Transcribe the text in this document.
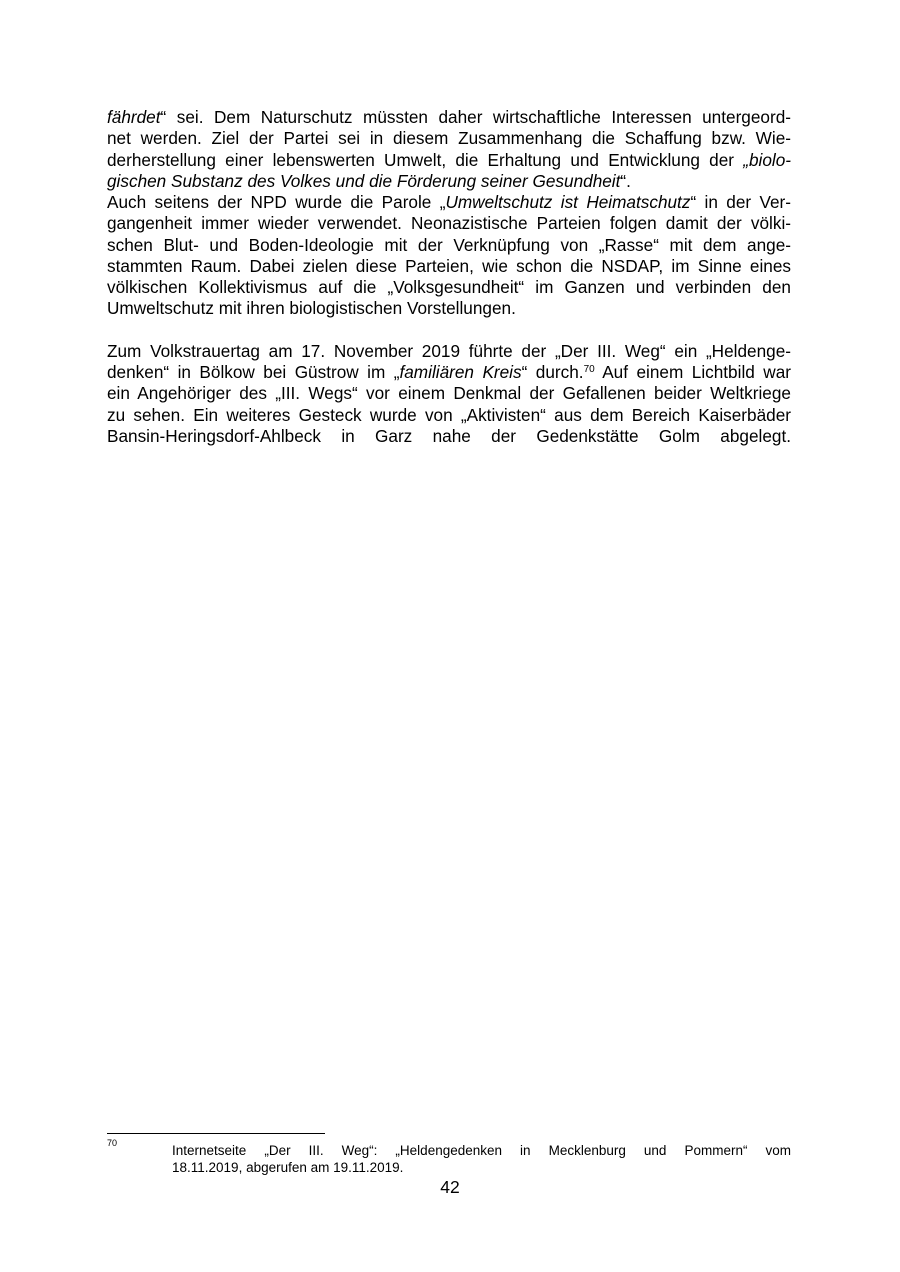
fährdet“ sei. Dem Naturschutz müssten daher wirtschaftliche Interessen untergeord-
net werden. Ziel der Partei sei in diesem Zusammenhang die Schaffung bzw. Wie-
derherstellung einer lebenswerten Umwelt, die Erhaltung und Entwicklung der „biolo-
gischen Substanz des Volkes und die Förderung seiner Gesundheit“.
Auch seitens der NPD wurde die Parole „Umweltschutz ist Heimatschutz“ in der Ver-
gangenheit immer wieder verwendet. Neonazistische Parteien folgen damit der völki-
schen Blut- und Boden-Ideologie mit der Verknüpfung von „Rasse“ mit dem ange-
stammten Raum. Dabei zielen diese Parteien, wie schon die NSDAP, im Sinne eines
völkischen Kollektivismus auf die „Volksgesundheit“ im Ganzen und verbinden den
Umweltschutz mit ihren biologistischen Vorstellungen.
Zum Volkstrauertag am 17. November 2019 führte der „Der III. Weg“ ein „Heldenge-
denken“ in Bölkow bei Güstrow im „familiären Kreis“ durch.$^{70}$ Auf einem Lichtbild war
ein Angehöriger des „III. Wegs“ vor einem Denkmal der Gefallenen beider Weltkriege
zu sehen. Ein weiteres Gesteck wurde von „Aktivisten“ aus dem Bereich Kaiserbäder
Bansin-Heringsdorf-Ahlbeck in Garz nahe der Gedenkstätte Golm abgelegt.
70	Internetseite „Der III. Weg“: „Heldengedenken in Mecklenburg und Pommern“ vom
18.11.2019, abgerufen am 19.11.2019.
42
